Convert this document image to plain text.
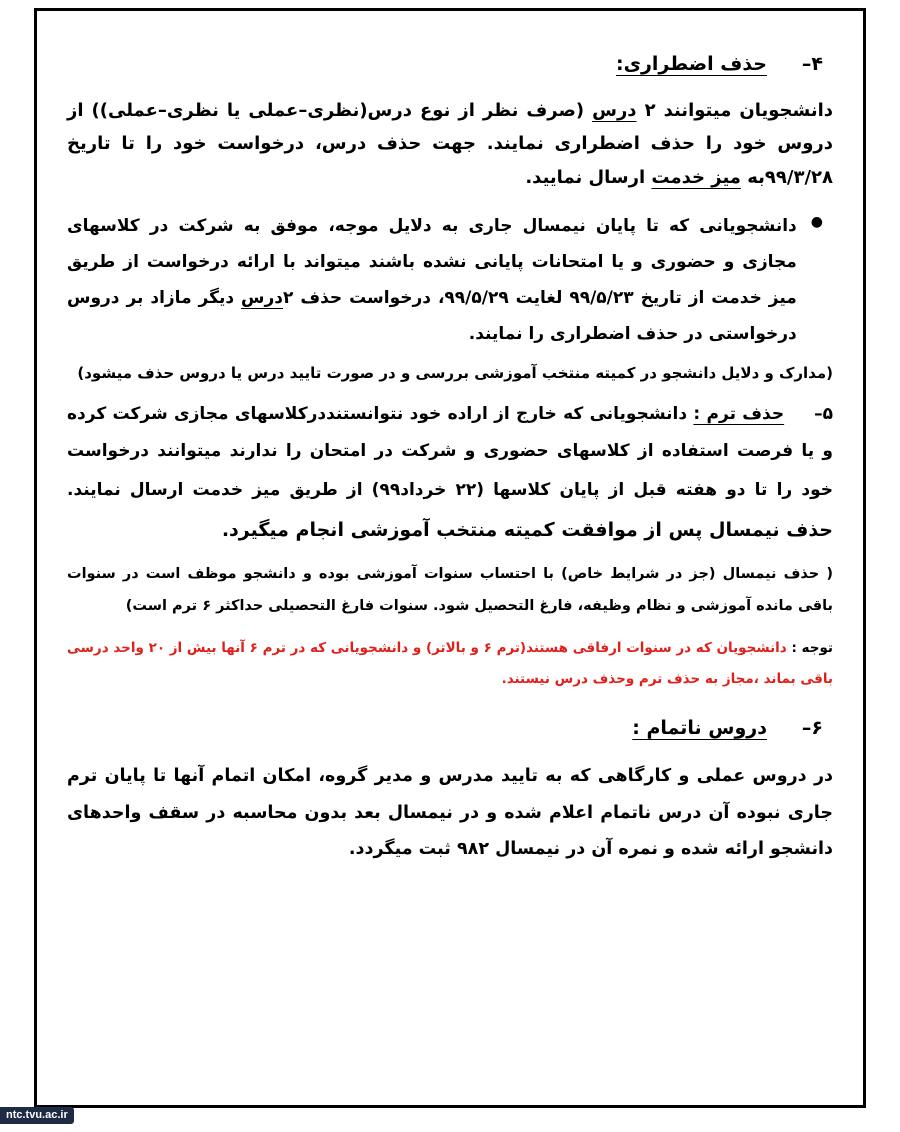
۴–
حذف اضطراری:

دانشجویان میتوانند ۲ درس (صرف نظر از نوع درس(نظری–عملی یا نظری–عملی)) از دروس خود را حذف اضطراری نمایند. جهت حذف درس، درخواست خود را تا تاریخ ۹۹/۳/۲۸به میز خدمت ارسال نمایید.

●
دانشجویانی که تا پایان نیمسال جاری به دلایل موجه، موفق به شرکت در کلاسهای مجازی و حضوری و یا امتحانات پایانی نشده باشند میتواند با ارائه درخواست از طریق میز خدمت از تاریخ ۹۹/۵/۲۳ لغایت ۹۹/۵/۲۹، درخواست حذف ۲درس دیگر مازاد بر دروس درخواستی در حذف اضطراری را نمایند.

(مدارک و دلایل دانشجو در کمیته منتخب آموزشی بررسی و در صورت تایید درس یا دروس حذف میشود)

۵–حذف ترم : دانشجویانی که خارج از اراده خود نتوانستنددرکلاسهای مجازی شرکت کرده و یا فرصت استفاده از کلاسهای حضوری و شرکت در امتحان را ندارند میتوانند درخواست خود را تا دو هفته قبل از پایان کلاسها (۲۲ خرداد۹۹) از طریق میز خدمت ارسال نمایند. حذف نیمسال پس از موافقت کمیته منتخب آموزشی انجام میگیرد.

( حذف نیمسال (جز در شرایط خاص) با احتساب سنوات آموزشی بوده و دانشجو موظف است در سنوات باقی مانده آموزشی و نظام وظیفه، فارغ التحصیل شود. سنوات فارغ التحصیلی حداکثر ۶ ترم است)

توجه : دانشجویان که در سنوات ارفاقی هستند(ترم ۶ و بالاتر) و دانشجویانی که در ترم ۶ آنها بیش از ۲۰ واحد درسی باقی بماند ،مجاز به حذف ترم وحذف درس نیستند.

۶–
دروس ناتمام :

در دروس عملی و کارگاهی که به تایید مدرس و مدیر گروه، امکان اتمام آنها تا پایان ترم جاری نبوده آن درس ناتمام اعلام شده و در نیمسال بعد بدون محاسبه در سقف واحدهای دانشجو ارائه شده و نمره آن در نیمسال ۹۸۲ ثبت میگردد.

ntc.tvu.ac.ir
